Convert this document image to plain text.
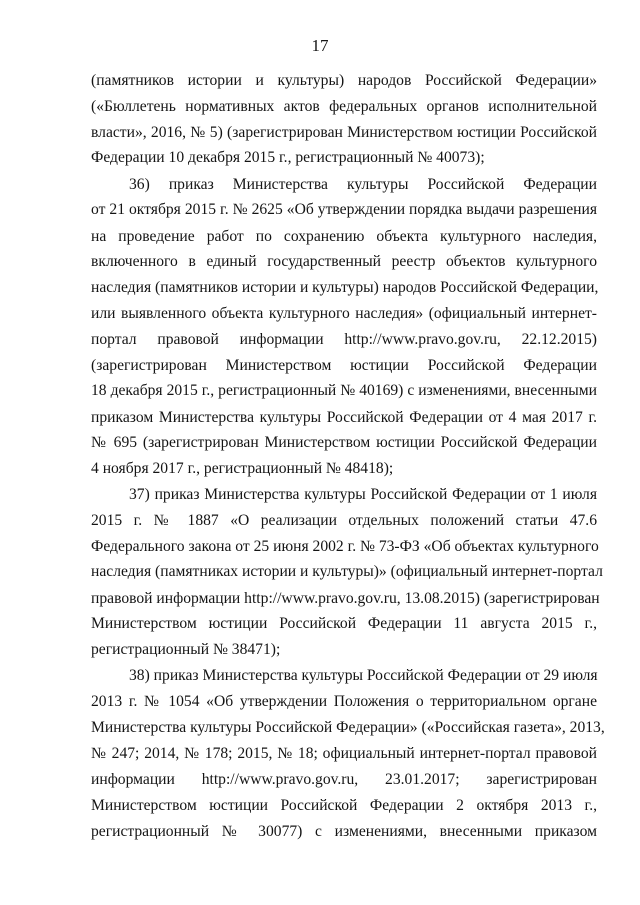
17
(памятников истории и культуры) народов Российской Федерации»
(«Бюллетень нормативных актов федеральных органов исполнительной
власти», 2016, № 5) (зарегистрирован Министерством юстиции Российской
Федерации 10 декабря 2015 г., регистрационный № 40073);
36) приказ Министерства культуры Российской Федерации
от 21 октября 2015 г. № 2625 «Об утверждении порядка выдачи разрешения
на проведение работ по сохранению объекта культурного наследия,
включенного в единый государственный реестр объектов культурного
наследия (памятников истории и культуры) народов Российской Федерации,
или выявленного объекта культурного наследия» (официальный интернет-
портал правовой информации http://www.pravo.gov.ru, 22.12.2015)
(зарегистрирован Министерством юстиции Российской Федерации
18 декабря 2015 г., регистрационный № 40169) с изменениями, внесенными
приказом Министерства культуры Российской Федерации от 4 мая 2017 г.
№ 695 (зарегистрирован Министерством юстиции Российской Федерации
4 ноября 2017 г., регистрационный № 48418);
37) приказ Министерства культуры Российской Федерации от 1 июля
2015 г. № 1887 «О реализации отдельных положений статьи 47.6
Федерального закона от 25 июня 2002 г. № 73-ФЗ «Об объектах культурного
наследия (памятниках истории и культуры)» (официальный интернет-портал
правовой информации http://www.pravo.gov.ru, 13.08.2015) (зарегистрирован
Министерством юстиции Российской Федерации 11 августа 2015 г.,
регистрационный № 38471);
38) приказ Министерства культуры Российской Федерации от 29 июля
2013 г. № 1054 «Об утверждении Положения о территориальном органе
Министерства культуры Российской Федерации» («Российская газета», 2013,
№ 247; 2014, № 178; 2015, № 18; официальный интернет-портал правовой
информации http://www.pravo.gov.ru, 23.01.2017; зарегистрирован
Министерством юстиции Российской Федерации 2 октября 2013 г.,
регистрационный № 30077) с изменениями, внесенными приказом
